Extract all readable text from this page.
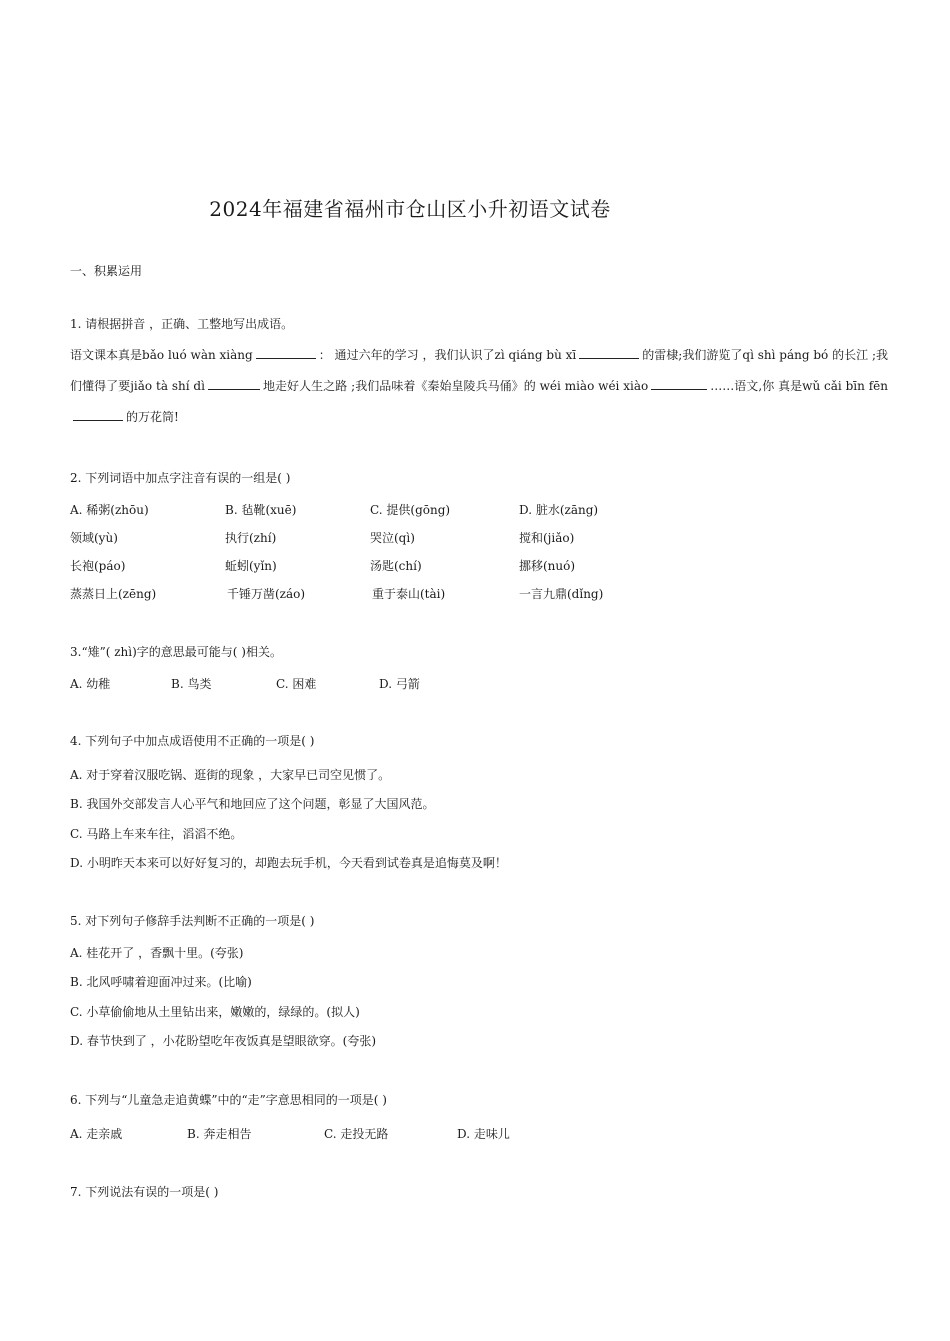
2024年福建省福州市仓山区小升初语文试卷
一、积累运用
1. 请根据拼音 ，正确、工整地写出成语。
语文课本真是bǎo luó wàn xiàng	： 通过六年的学习 ，我们认识了zì qiáng bù xī	的雷棣;我们游览了qì shì páng bó 的长江 ;我们懂得了要jiǎo tà shí dì	地走好人生之路 ;我们品味着《秦始皇陵兵马俑》的 wéi miào wéi xiào	……语文,你 真是wǔ cǎi bīn fēn的万花筒!
2. 下列词语中加点字注音有误的一组是( )
A. 稀粥(zhōu)	B. 毡靴(xuē)	C. 提供(gōng)	D. 脏水(zāng)
领域(yù)	执行(zhí)	哭泣(qì)	搅和(jiǎo)
长袍(páo)	蚯蚓(yǐn)	汤匙(chí)	挪移(nuó)
蒸蒸日上(zēng)	千锤万凿(záo)	重于泰山(tài)	一言九鼎(dǐng)
3.“雉”( zhì)字的意思最可能与( )相关。
A. 幼稚	B. 鸟类	C. 困难	D. 弓箭
4. 下列句子中加点成语使用不正确的一项是( )
A. 对于穿着汉服吃锅、逛街的现象 ，大家早已司空见惯了。
B. 我国外交部发言人心平气和地回应了这个问题，彰显了大国风范。
C. 马路上车来车往，滔滔不绝。
D. 小明昨天本来可以好好复习的，却跑去玩手机，今天看到试卷真是追悔莫及啊！
5. 对下列句子修辞手法判断不正确的一项是( )
A. 桂花开了 ，香飘十里。(夸张)
B. 北风呼啸着迎面冲过来。(比喻)
C. 小草偷偷地从土里钻出来，嫩嫩的，绿绿的。(拟人)
D. 春节快到了 ，小花盼望吃年夜饭真是望眼欲穿。(夸张)
6. 下列与“儿童急走追黄蝶”中的“走”字意思相同的一项是( )
A. 走亲戚	B. 奔走相告	C. 走投无路	D. 走味儿
7. 下列说法有误的一项是( )
